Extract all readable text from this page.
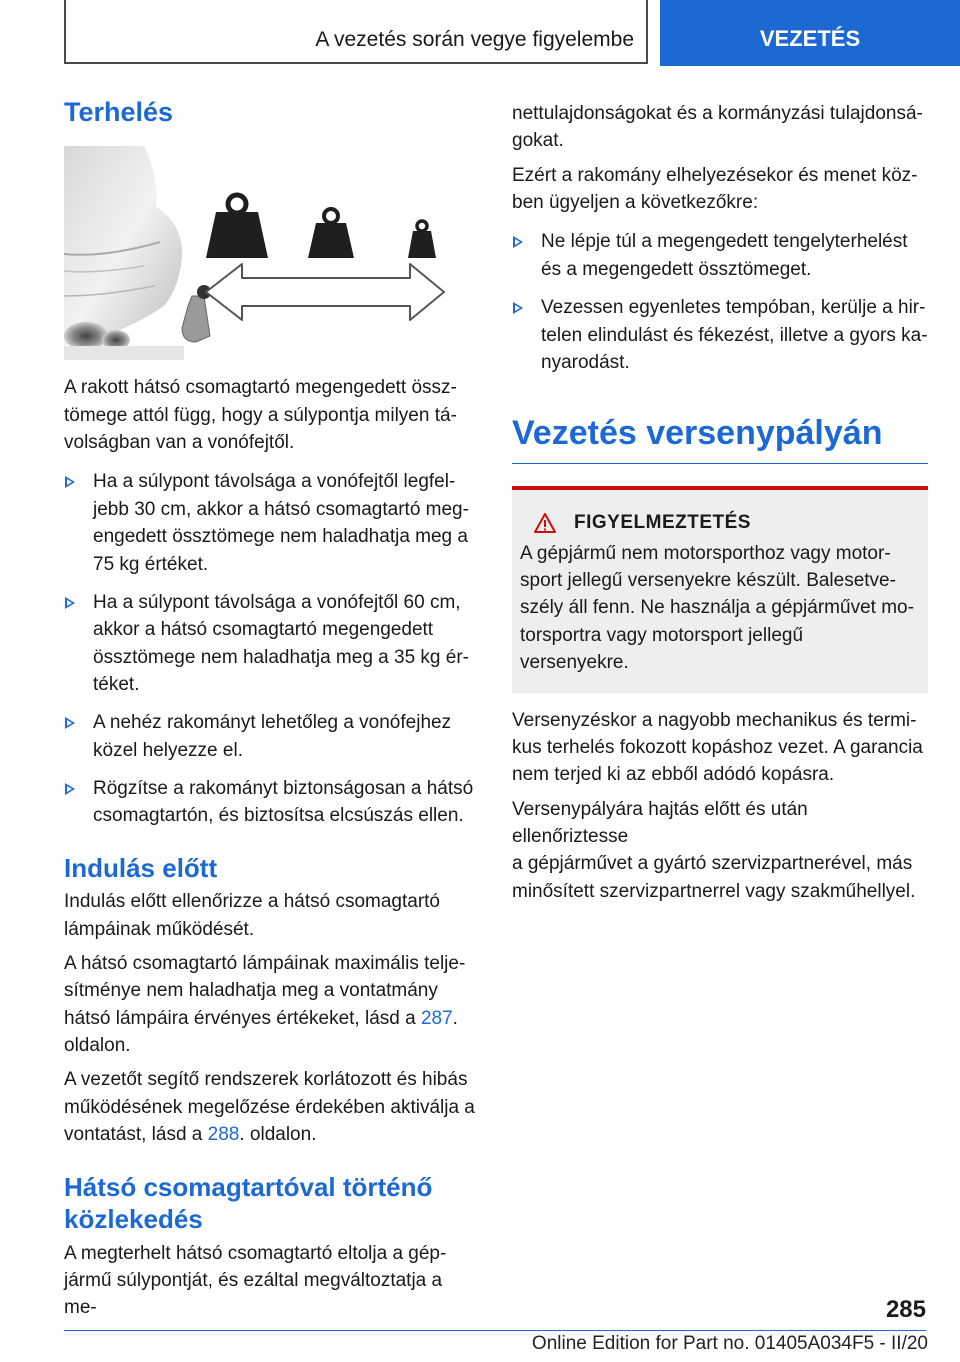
A vezetés során vegye figyelembe	VEZETÉS
Terhelés

A rakott hátsó csomagtartó megengedett össz-
tömege attól függ, hogy a súlypontja milyen tá-
volságban van a vonófejtől.

Ha a súlypont távolsága a vonófejtől legfel-
jebb 30 cm, akkor a hátsó csomagtartó meg-
engedett össztömege nem haladhatja meg a
75 kg értéket.
Ha a súlypont távolsága a vonófejtől 60 cm,
akkor a hátsó csomagtartó megengedett
össztömege nem haladhatja meg a 35 kg ér-
téket.
A nehéz rakományt lehetőleg a vonófejhez
közel helyezze el.
Rögzítse a rakományt biztonságosan a hátsó
csomagtartón, és biztosítsa elcsúszás ellen.
Indulás előtt

Indulás előtt ellenőrizze a hátsó csomagtartó
lámpáinak működését.

A hátsó csomagtartó lámpáinak maximális telje-
sítménye nem haladhatja meg a vontatmány
hátsó lámpáira érvényes értékeket, lásd a 287.
oldalon.

A vezetőt segítő rendszerek korlátozott és hibás
működésének megelőzése érdekében aktiválja a
vontatást, lásd a 288. oldalon.

Hátsó csomagtartóval történő
közlekedés

A megterhelt hátsó csomagtartó eltolja a gép-
jármű súlypontját, és ezáltal megváltoztatja a me-

nettulajdonságokat és a kormányzási tulajdonsá-
gokat.

Ezért a rakomány elhelyezésekor és menet köz-
ben ügyeljen a következőkre:

Ne lépje túl a megengedett tengelyterhelést
és a megengedett össztömeget.
Vezessen egyenletes tempóban, kerülje a hir-
telen elindulást és fékezést, illetve a gyors ka-
nyarodást.
Vezetés versenypályán
FIGYELMEZTETÉS

A gépjármű nem motorsporthoz vagy motor-
sport jellegű versenyekre készült. Balesetve-
szély áll fenn. Ne használja a gépjárművet mo-
torsportra vagy motorsport jellegű versenyekre.

Versenyzéskor a nagyobb mechanikus és termi-
kus terhelés fokozott kopáshoz vezet. A garancia
nem terjed ki az ebből adódó kopásra.

Versenypályára hajtás előtt és után ellenőriztesse
a gépjárművet a gyártó szervizpartnerével, más
minősített szervizpartnerrel vagy szakműhellyel.

285
Online Edition for Part no. 01405A034F5 - II/20
